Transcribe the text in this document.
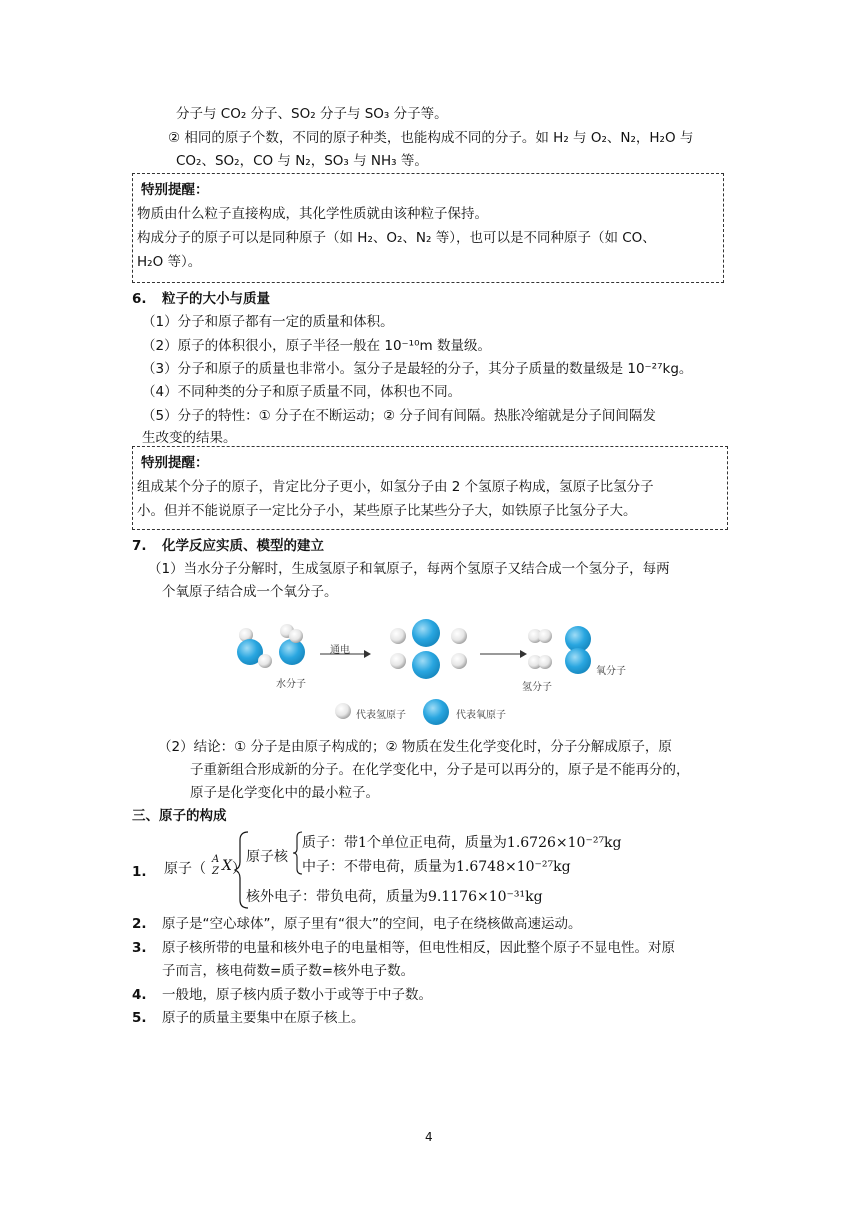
分子与 CO₂ 分子、SO₂ 分子与 SO₃ 分子等。
② 相同的原子个数，不同的原子种类，也能构成不同的分子。如 H₂ 与 O₂、N₂，H₂O 与
CO₂、SO₂，CO 与 N₂，SO₃ 与 NH₃ 等。
特别提醒：
物质由什么粒子直接构成，其化学性质就由该种粒子保持。
构成分子的原子可以是同种原子（如 H₂、O₂、N₂ 等），也可以是不同种原子（如 CO、
H₂O 等）。
6. 粒子的大小与质量
（1）分子和原子都有一定的质量和体积。
（2）原子的体积很小，原子半径一般在 10⁻¹⁰m 数量级。
（3）分子和原子的质量也非常小。氢分子是最轻的分子，其分子质量的数量级是 10⁻²⁷kg。
（4）不同种类的分子和原子质量不同，体积也不同。
（5）分子的特性：① 分子在不断运动；② 分子间有间隔。热胀冷缩就是分子间间隔发
生改变的结果。
特别提醒：
组成某个分子的原子，肯定比分子更小，如氢分子由 2 个氢原子构成，氢原子比氢分子
小。但并不能说原子一定比分子小，某些原子比某些分子大，如铁原子比氢分子大。
7. 化学反应实质、模型的建立
（1）当水分子分解时，生成氢原子和氧原子，每两个氢原子又结合成一个氢分子，每两
个氧原子结合成一个氧分子。
通电
水分子	氢分子
氧分子
代表氢原子	代表氧原子
（2）结论：① 分子是由原子构成的；② 物质在发生化学变化时，分子分解成原子，原
子重新组合形成新的分子。在化学变化中，分子是可以再分的，原子是不能再分的，
原子是化学变化中的最小粒子。
三、原子的构成
1. 原子（
A
Z X ）
原子核
质子：带1个单位正电荷，质量为1.6726×10⁻²⁷kg
中子：不带电荷，质量为1.6748×10⁻²⁷kg
核外电子：带负电荷，质量为9.1176×10⁻³¹kg
2. 原子是“空心球体”，原子里有“很大”的空间，电子在绕核做高速运动。
3. 原子核所带的电量和核外电子的电量相等，但电性相反，因此整个原子不显电性。对原
子而言，核电荷数=质子数=核外电子数。
4. 一般地，原子核内质子数小于或等于中子数。
5. 原子的质量主要集中在原子核上。
4
